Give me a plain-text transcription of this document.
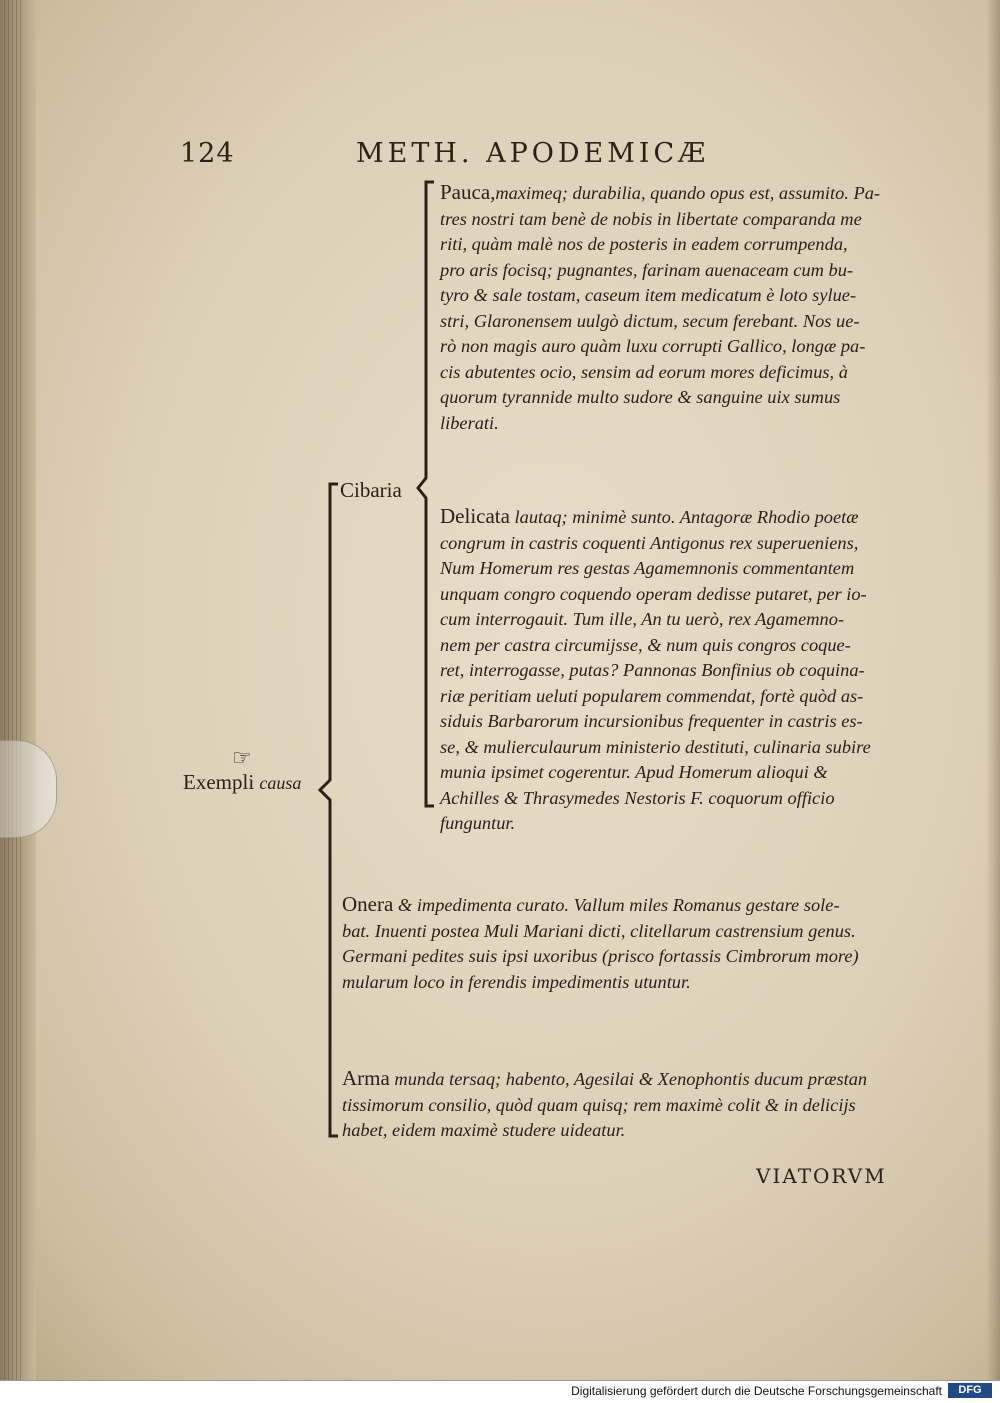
124	METH. APODEMICÆ
☞
Exempli causa
Cibaria
Pauca,maximeq; durabilia, quando opus est, assumito. Pa-
tres nostri tam benè de nobis in libertate comparanda me
riti, quàm malè nos de posteris in eadem corrumpenda,
pro aris focisq; pugnantes, farinam auenaceam cum bu-
tyro & sale tostam, caseum item medicatum è loto sylue-
stri, Glaronensem uulgò dictum, secum ferebant. Nos ue-
rò non magis auro quàm luxu corrupti Gallico, longæ pa-
cis abutentes ocio, sensim ad eorum mores deficimus, à
quorum tyrannide multo sudore & sanguine uix sumus
liberati.
Delicata lautaq; minimè sunto. Antagoræ Rhodio poetæ
congrum in castris coquenti Antigonus rex superueniens,
Num Homerum res gestas Agamemnonis commentantem
unquam congro coquendo operam dedisse putaret, per io-
cum interrogauit. Tum ille, An tu uerò, rex Agamemno-
nem per castra circumijsse, & num quis congros coque-
ret, interrogasse, putas? Pannonas Bonfinius ob coquina-
riæ peritiam ueluti popularem commendat, fortè quòd as-
siduis Barbarorum incursionibus frequenter in castris es-
se, & mulierculaurum ministerio destituti, culinaria subire
munia ipsimet cogerentur. Apud Homerum alioqui &
Achilles & Thrasymedes Nestoris F. coquorum officio
funguntur.
Onera & impedimenta curato. Vallum miles Romanus gestare sole-
bat. Inuenti postea Muli Mariani dicti, clitellarum castrensium genus.
Germani pedites suis ipsi uxoribus (prisco fortassis Cimbrorum more)
mularum loco in ferendis impedimentis utuntur.
Arma munda tersaq; habento, Agesilai & Xenophontis ducum præstan
tissimorum consilio, quòd quam quisq; rem maximè colit & in delicijs
habet, eidem maximè studere uideatur.
VIATORVM
Digitalisierung gefördert durch die Deutsche Forschungsgemeinschaft	DFG
